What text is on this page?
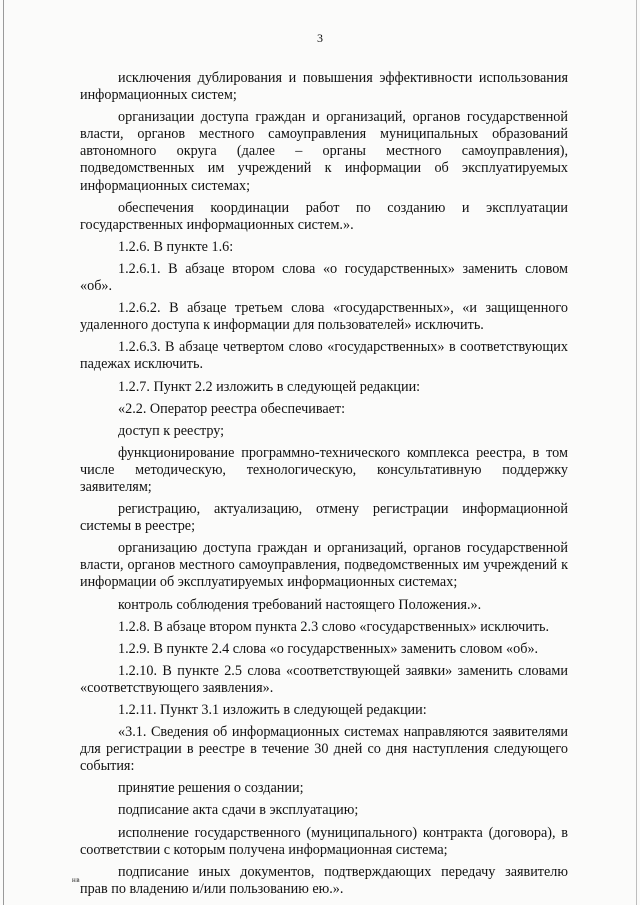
3

исключения дублирования и повышения эффективности использования информационных систем;

организации доступа граждан и организаций, органов государственной власти, органов местного самоуправления муниципальных образований автономного округа (далее – органы местного самоуправления), подведомственных им учреждений к информации об эксплуатируемых информационных системах;

обеспечения координации работ по созданию и эксплуатации государственных информационных систем.».

1.2.6. В пункте 1.6:

1.2.6.1. В абзаце втором слова «о государственных» заменить словом «об».

1.2.6.2. В абзаце третьем слова «государственных», «и защищенного удаленного доступа к информации для пользователей» исключить.

1.2.6.3. В абзаце четвертом слово «государственных» в соответствующих падежах исключить.

1.2.7. Пункт 2.2 изложить в следующей редакции:

«2.2. Оператор реестра обеспечивает:

доступ к реестру;

функционирование программно-технического комплекса реестра, в том числе методическую, технологическую, консультативную поддержку заявителям;

регистрацию, актуализацию, отмену регистрации информационной системы в реестре;

организацию доступа граждан и организаций, органов государственной власти, органов местного самоуправления, подведомственных им учреждений к информации об эксплуатируемых информационных системах;

контроль соблюдения требований настоящего Положения.».

1.2.8. В абзаце втором пункта 2.3 слово «государственных» исключить.

1.2.9. В пункте 2.4 слова «о государственных» заменить словом «об».

1.2.10. В пункте 2.5 слова «соответствующей заявки» заменить словами «соответствующего заявления».

1.2.11. Пункт 3.1 изложить в следующей редакции:

«3.1. Сведения об информационных системах направляются заявителями для регистрации в реестре в течение 30 дней со дня наступления следующего события:

принятие решения о создании;

подписание акта сдачи в эксплуатацию;

исполнение государственного (муниципального) контракта (договора), в соответствии с которым получена информационная система;

подписание иных документов, подтверждающих передачу заявителю прав по владению и/или пользованию ею.».

нв
